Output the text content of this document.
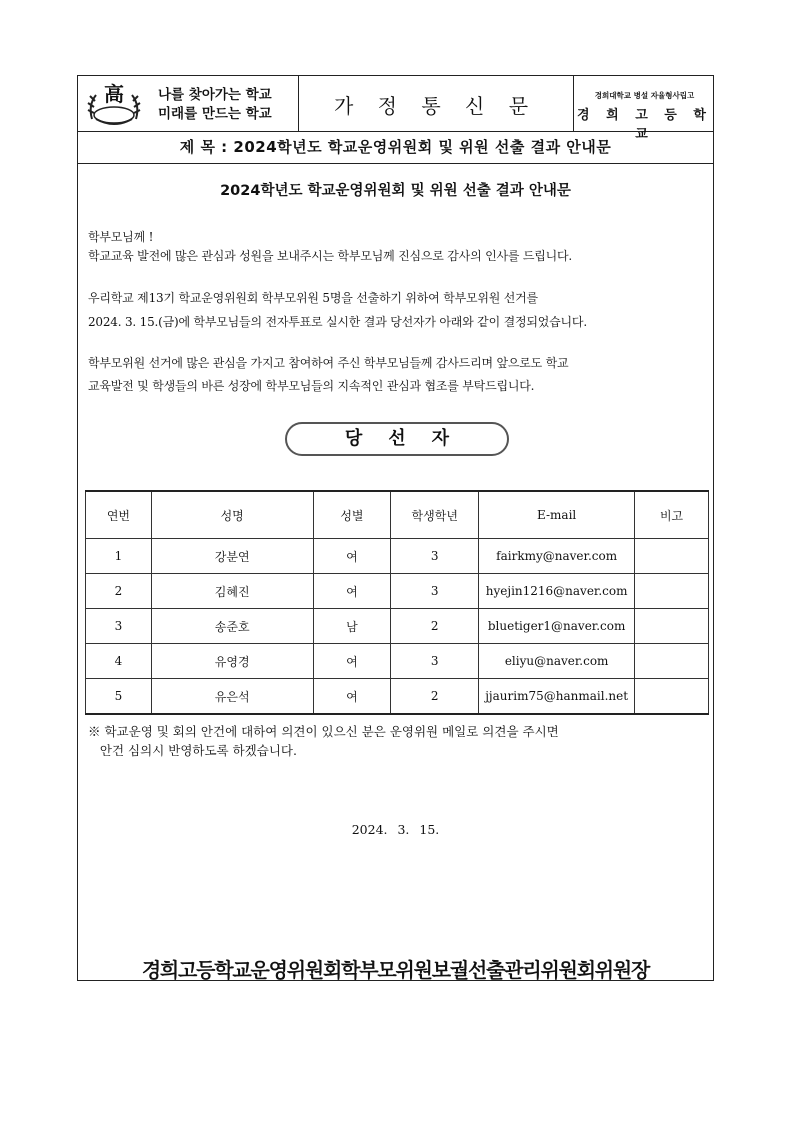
高	나를 찾아가는 학교
미래를 만드는 학교	가 정 통 신 문	경희대학교 병설 자율형사립고
경 희 고 등 학 교
제 목 : 2024학년도 학교운영위원회 및 위원 선출 결과 안내문
2024학년도 학교운영위원회 및 위원 선출 결과 안내문
학부모님께 !
학교교육 발전에 많은 관심과 성원을 보내주시는 학부모님께 진심으로 감사의 인사를 드립니다.
우리학교 제13기 학교운영위원회 학부모위원 5명을 선출하기 위하여 학부모위원 선거를
2024. 3. 15.(금)에 학부모님들의 전자투표로 실시한 결과 당선자가 아래와 같이 결정되었습니다.
학부모위원 선거에 많은 관심을 가지고 참여하여 주신 학부모님들께 감사드리며 앞으로도 학교
교육발전 및 학생들의 바른 성장에 학부모님들의 지속적인 관심과 협조를 부탁드립니다.
당선자
연번	성명	성별	학생학년	E-mail	비고
1	강분연	여	3	fairkmy@naver.com	
2	김혜진	여	3	hyejin1216@naver.com	
3	송준호	남	2	bluetiger1@naver.com	
4	유영경	여	3	eliyu@naver.com	
5	유은석	여	2	jjaurim75@hanmail.net	
※ 학교운영 및 회의 안건에 대하여 의견이 있으신 분은 운영위원 메일로 의견을 주시면
안건 심의시 반영하도록 하겠습니다.
2024. 3. 15.
경희고등학교운영위원회학부모위원보궐선출관리위원회위원장
